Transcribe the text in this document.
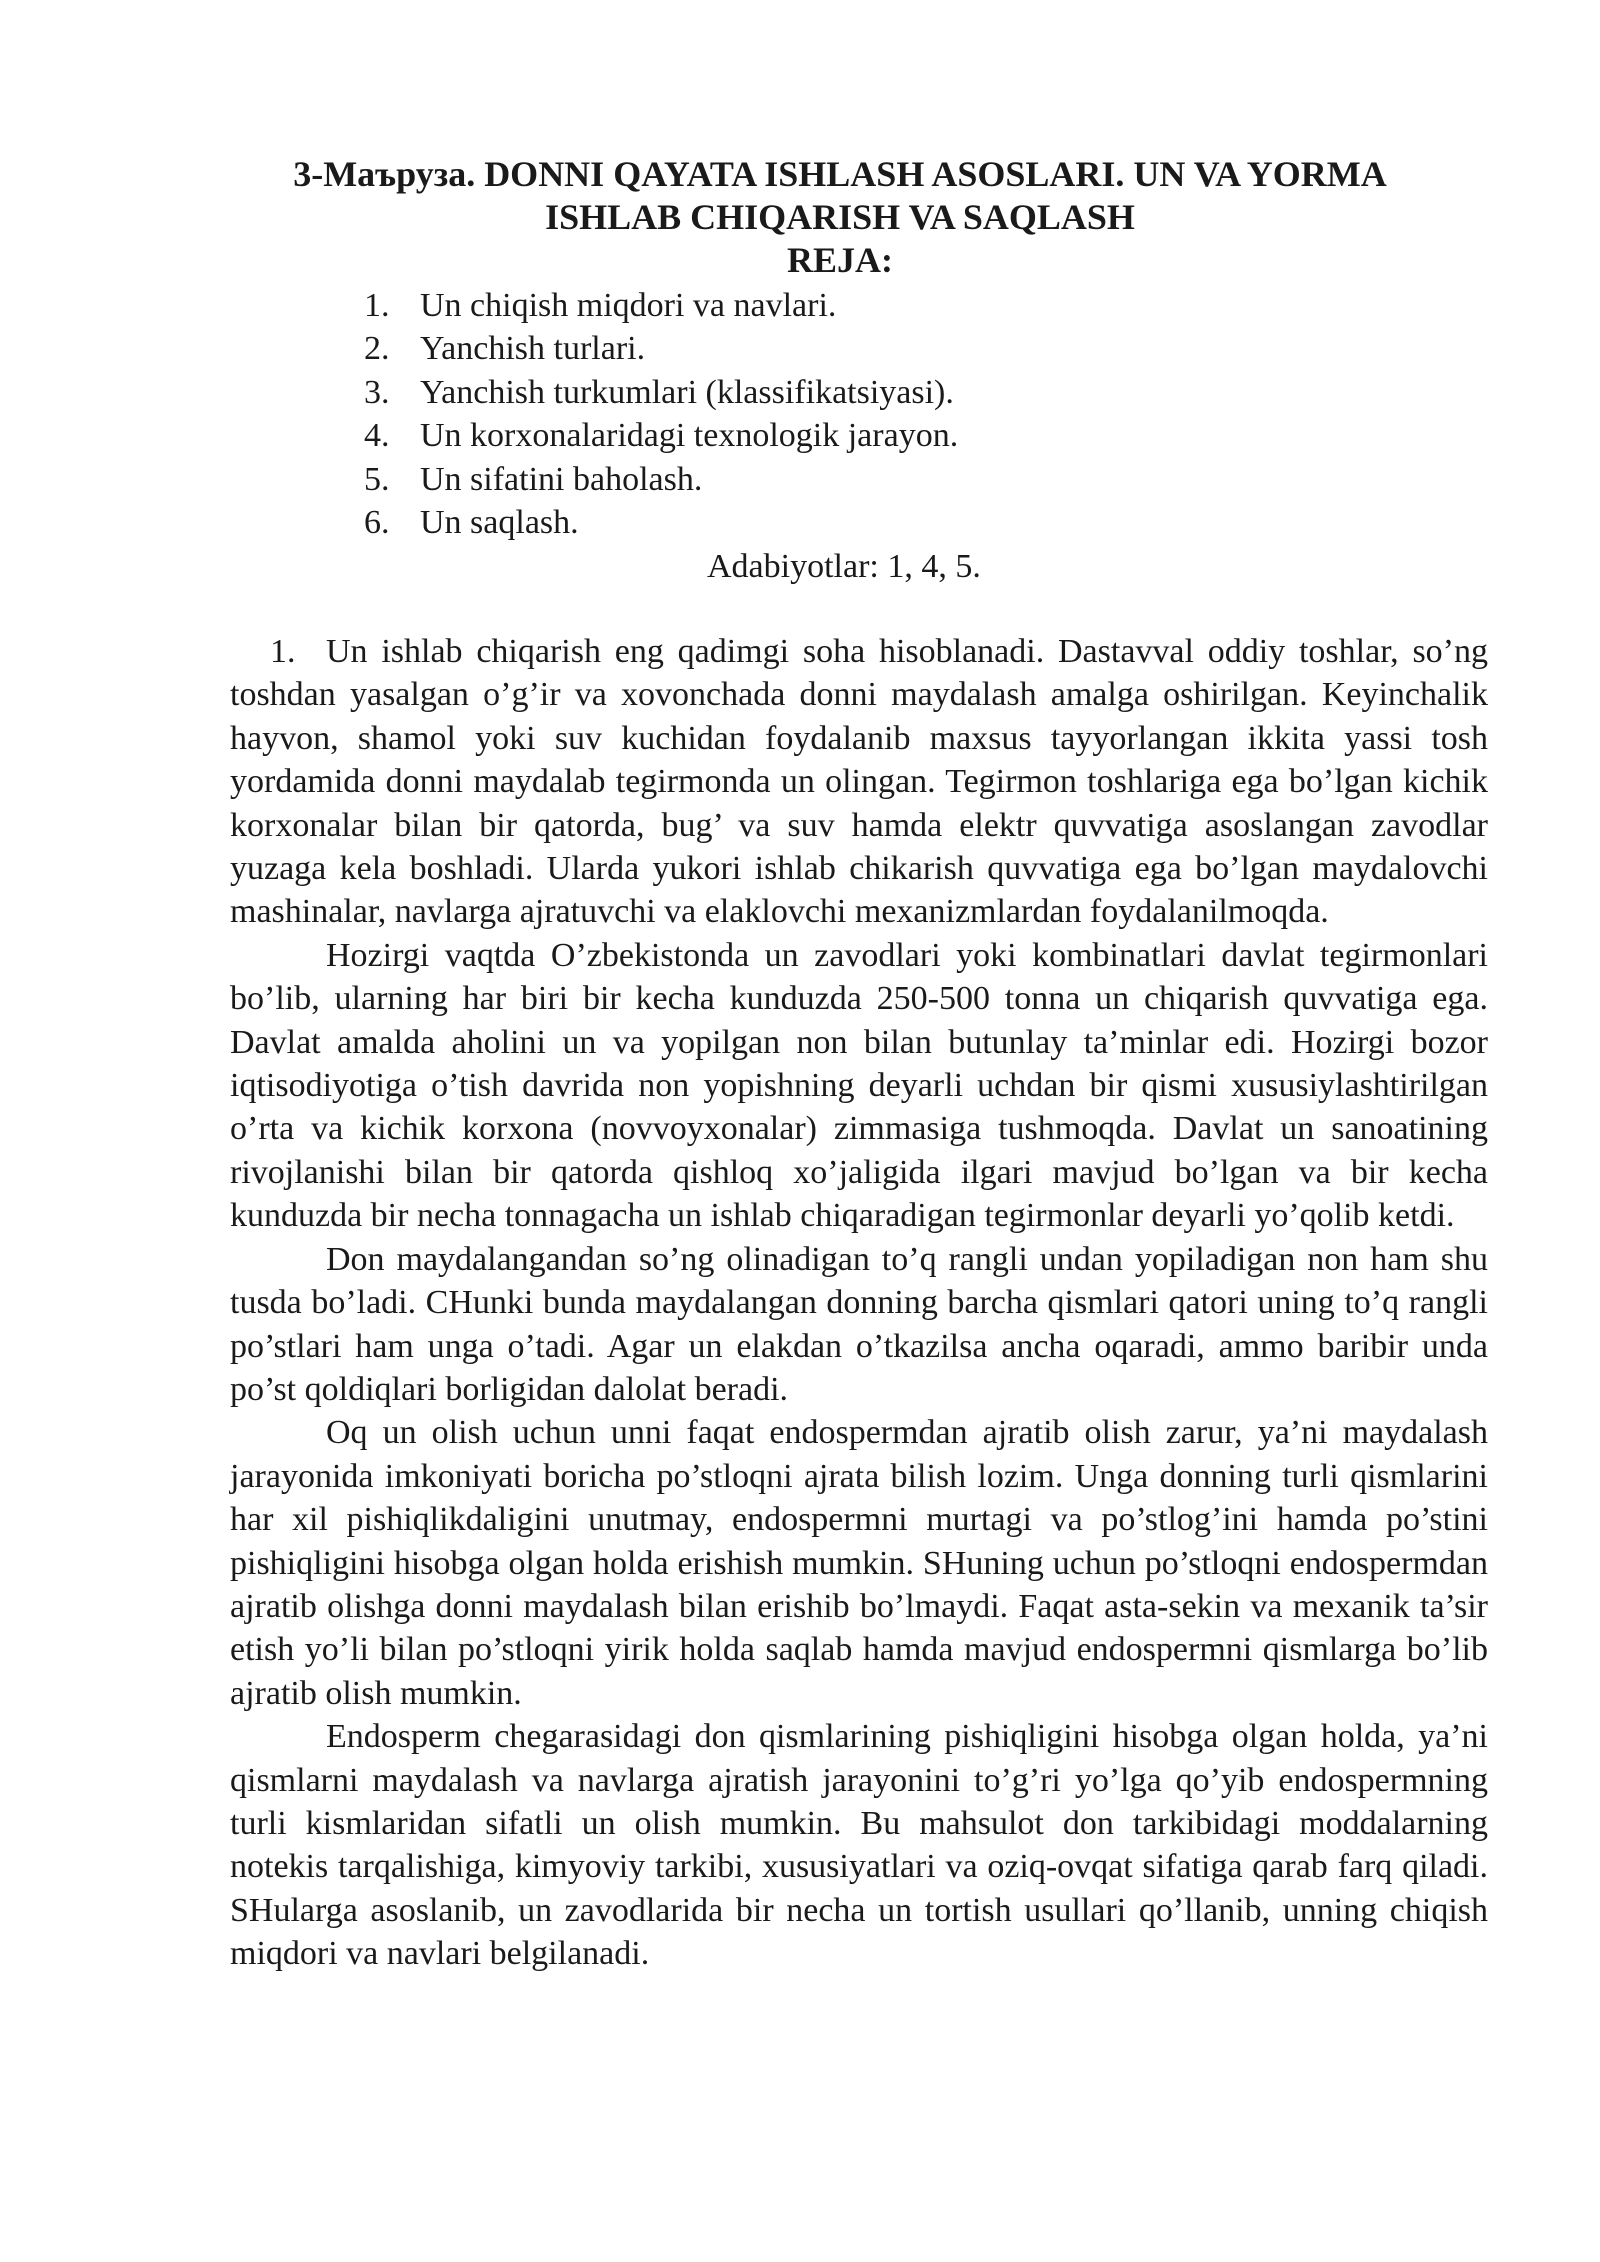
3-Маъруза. DONNI QAYATA ISHLASH ASOSLARI. UN VA YORMA
ISHLAB CHIQARISH VA SAQLASH
REJA:
1. Un chiqish miqdori va navlari.
2. Yanchish turlari.
3. Yanchish turkumlari (klassifikatsiyasi).
4. Un korxonalaridagi texnologik jarayon.
5. Un sifatini baholash.
6. Un saqlash.
Adabiyotlar: 1, 4, 5.

1. Un ishlab chiqarish eng qadimgi soha hisoblanadi. Dastavval oddiy toshlar, so’ng toshdan yasalgan o’g’ir va xovonchada donni maydalash amalga oshirilgan. Keyinchalik hayvon, shamol yoki suv kuchidan foydalanib maxsus tayyorlangan ikkita yassi tosh yordamida donni maydalab tegirmonda un olingan. Tegirmon toshlariga ega bo’lgan kichik korxonalar bilan bir qatorda, bug’ va suv hamda elektr quvvatiga asoslangan zavodlar yuzaga kela boshladi. Ularda yukori ishlab chikarish quvvatiga ega bo’lgan maydalovchi mashinalar, navlarga ajratuvchi va elaklovchi mexanizmlardan foydalanilmoqda.

Hozirgi vaqtda O’zbekistonda un zavodlari yoki kombinatlari davlat tegirmonlari bo’lib, ularning har biri bir kecha kunduzda 250-500 tonna un chiqarish quvvatiga ega. Davlat amalda aholini un va yopilgan non bilan butunlay ta’minlar edi. Hozirgi bozor iqtisodiyotiga o’tish davrida non yopishning deyarli uchdan bir qismi xususiylashtirilgan o’rta va kichik korxona (novvoyxonalar) zimmasiga tushmoqda. Davlat un sanoatining rivojlanishi bilan bir qatorda qishloq xo’jaligida ilgari mavjud bo’lgan va bir kecha kunduzda bir necha tonnagacha un ishlab chiqaradigan tegirmonlar deyarli yo’qolib ketdi.

Don maydalangandan so’ng olinadigan to’q rangli undan yopiladigan non ham shu tusda bo’ladi. CHunki bunda maydalangan donning barcha qismlari qatori uning to’q rangli po’stlari ham unga o’tadi. Agar un elakdan o’tkazilsa ancha oqaradi, ammo baribir unda po’st qoldiqlari borligidan dalolat beradi.

Oq un olish uchun unni faqat endospermdan ajratib olish zarur, ya’ni maydalash jarayonida imkoniyati boricha po’stloqni ajrata bilish lozim. Unga donning turli qismlarini har xil pishiqlikdaligini unutmay, endospermni murtagi va po’stlog’ini hamda po’stini pishiqligini hisobga olgan holda erishish mumkin. SHuning uchun po’stloqni endospermdan ajratib olishga donni maydalash bilan erishib bo’lmaydi. Faqat asta-sekin va mexanik ta’sir etish yo’li bilan po’stloqni yirik holda saqlab hamda mavjud endospermni qismlarga bo’lib ajratib olish mumkin.

Endosperm chegarasidagi don qismlarining pishiqligini hisobga olgan holda, ya’ni qismlarni maydalash va navlarga ajratish jarayonini to’g’ri yo’lga qo’yib endospermning turli kismlaridan sifatli un olish mumkin. Bu mahsulot don tarkibidagi moddalarning notekis tarqalishiga, kimyoviy tarkibi, xususiyatlari va oziq-ovqat sifatiga qarab farq qiladi. SHularga asoslanib, un zavodlarida bir necha un tortish usullari qo’llanib, unning chiqish miqdori va navlari belgilanadi.
